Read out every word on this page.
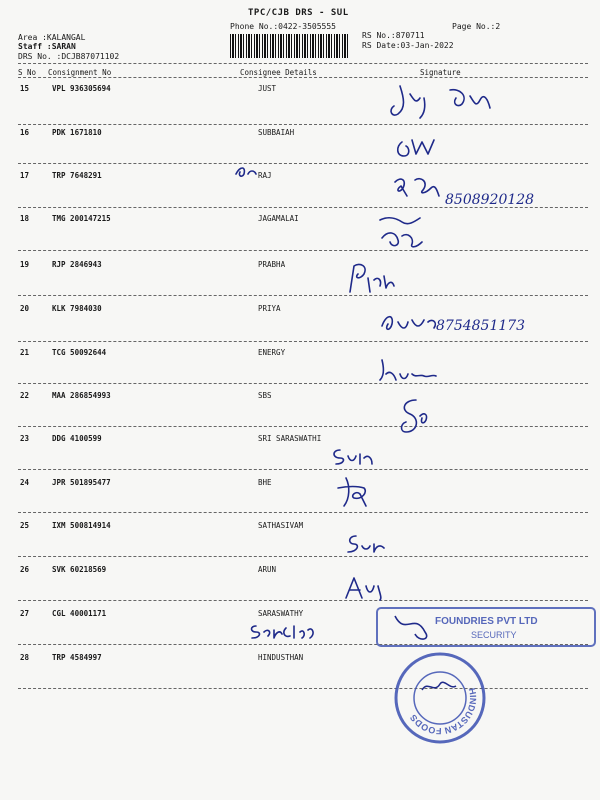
TPC/CJB DRS - SUL
Phone No.:0422-3505555	Page No.:2
Area :KALANGAL
Staff :SARAN
DRS No. :DCJB87071102
RS No.:870711
RS Date:03-Jan-2022
S No Consignment No	Consignee Details	Signature
15	VPL 936305694	JUST
16	PDK 1671810	SUBBAIAH
17	TRP 7648291	RAJ
18	TMG 200147215	JAGAMALAI
19	RJP 2846943	PRABHA
20	KLK 7984030	PRIYA
21	TCG 50092644	ENERGY
22	MAA 286854993	SBS
23	DDG 4100599	SRI SARASWATHI
24	JPR 501895477	BHE
25	IXM 500814914	SATHASIVAM
26	SVK 60218569	ARUN
27	CGL 40001171	SARASWATHY
28	TRP 4584997	HINDUSTHAN
8508920128
8754851173
FOUNDRIES PVT LTD
SECURITY
HINDUSTAN FOODS
